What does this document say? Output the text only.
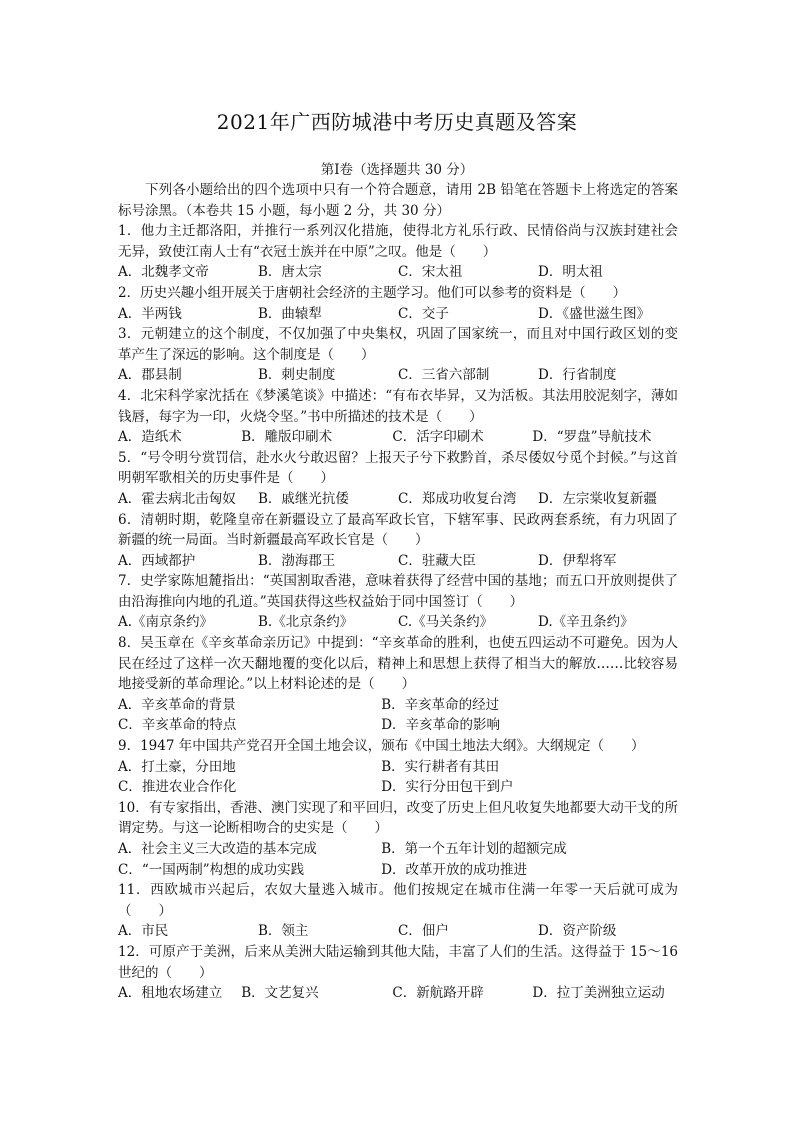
2021年广西防城港中考历史真题及答案
第Ⅰ卷（选择题共 30 分）

下列各小题给出的四个选项中只有一个符合题意，请用 2B 铅笔在答题卡上将选定的答案标号涂黑。（本卷共 15 小题，每小题 2 分，共 30 分）

1．他力主迁都洛阳，并推行一系列汉化措施，使得北方礼乐行政、民情俗尚与汉族封建社会无异，致使江南人士有“衣冠士族并在中原”之叹。他是（　　）

A．北魏孝文帝	B．唐太宗	C．宋太祖	D．明太祖

2．历史兴趣小组开展关于唐朝社会经济的主题学习。他们可以参考的资料是（　　）

A．半两钱	B．曲辕犁	C．交子	D．《盛世滋生图》

3．元朝建立的这个制度，不仅加强了中央集权，巩固了国家统一，而且对中国行政区划的变革产生了深远的影响。这个制度是（　　）

A．郡县制	B．刺史制度	C．三省六部制	D．行省制度

4．北宋科学家沈括在《梦溪笔谈》中描述：“有布衣毕昇，又为活板。其法用胶泥刻字，薄如钱唇，每字为一印，火烧令坚。”书中所描述的技术是（　　）

A．造纸术	B．雕版印刷术	C．活字印刷术	D．“罗盘”导航技术

5．“号令明兮赏罚信，赴水火兮敢迟留？上报天子兮下救黔首，杀尽倭奴兮觅个封候。”与这首明朝军歌相关的历史事件是（　　）

A．霍去病北击匈奴	B．戚继光抗倭	C．郑成功收复台湾	D．左宗棠收复新疆

6．清朝时期，乾隆皇帝在新疆设立了最高军政长官，下辖军事、民政两套系统，有力巩固了新疆的统一局面。当时新疆最高军政长官是（　　）

A．西域都护	B．渤海郡王	C．驻藏大臣	D．伊犁将军

7．史学家陈旭麓指出：“英国割取香港，意味着获得了经营中国的基地；而五口开放则提供了由沿海推向内地的孔道。”英国获得这些权益始于同中国签订（　　）

A.《南京条约》	B.《北京条约》	C.《马关条约》	D.《辛丑条约》

8．吴玉章在《辛亥革命亲历记》中提到：“辛亥革命的胜利，也使五四运动不可避免。因为人民在经过了这样一次天翻地覆的变化以后，精神上和思想上获得了相当大的解放……比较容易地接受新的革命理论。”以上材料论述的是（　　）

A．辛亥革命的背景	B．辛亥革命的经过
C．辛亥革命的特点	D．辛亥革命的影响

9．1947 年中国共产党召开全国土地会议，颁布《中国土地法大纲》。大纲规定（　　）

A．打土豪，分田地	B．实行耕者有其田
C．推进农业合作化	D．实行分田包干到户

10．有专家指出，香港、澳门实现了和平回归，改变了历史上但凡收复失地都要大动干戈的所谓定势。与这一论断相吻合的史实是（　　）

A．社会主义三大改造的基本完成	B．第一个五年计划的超额完成
C．“一国两制”构想的成功实践	D．改革开放的成功推进

11．西欧城市兴起后，农奴大量逃入城市。他们按规定在城市住满一年零一天后就可成为（　　）

A．市民	B．领主	C．佃户	D．资产阶级

12．可原产于美洲，后来从美洲大陆运输到其他大陆，丰富了人们的生活。这得益于 15～16 世纪的（　　）

A．租地农场建立	B．文艺复兴	C．新航路开辟	D．拉丁美洲独立运动
